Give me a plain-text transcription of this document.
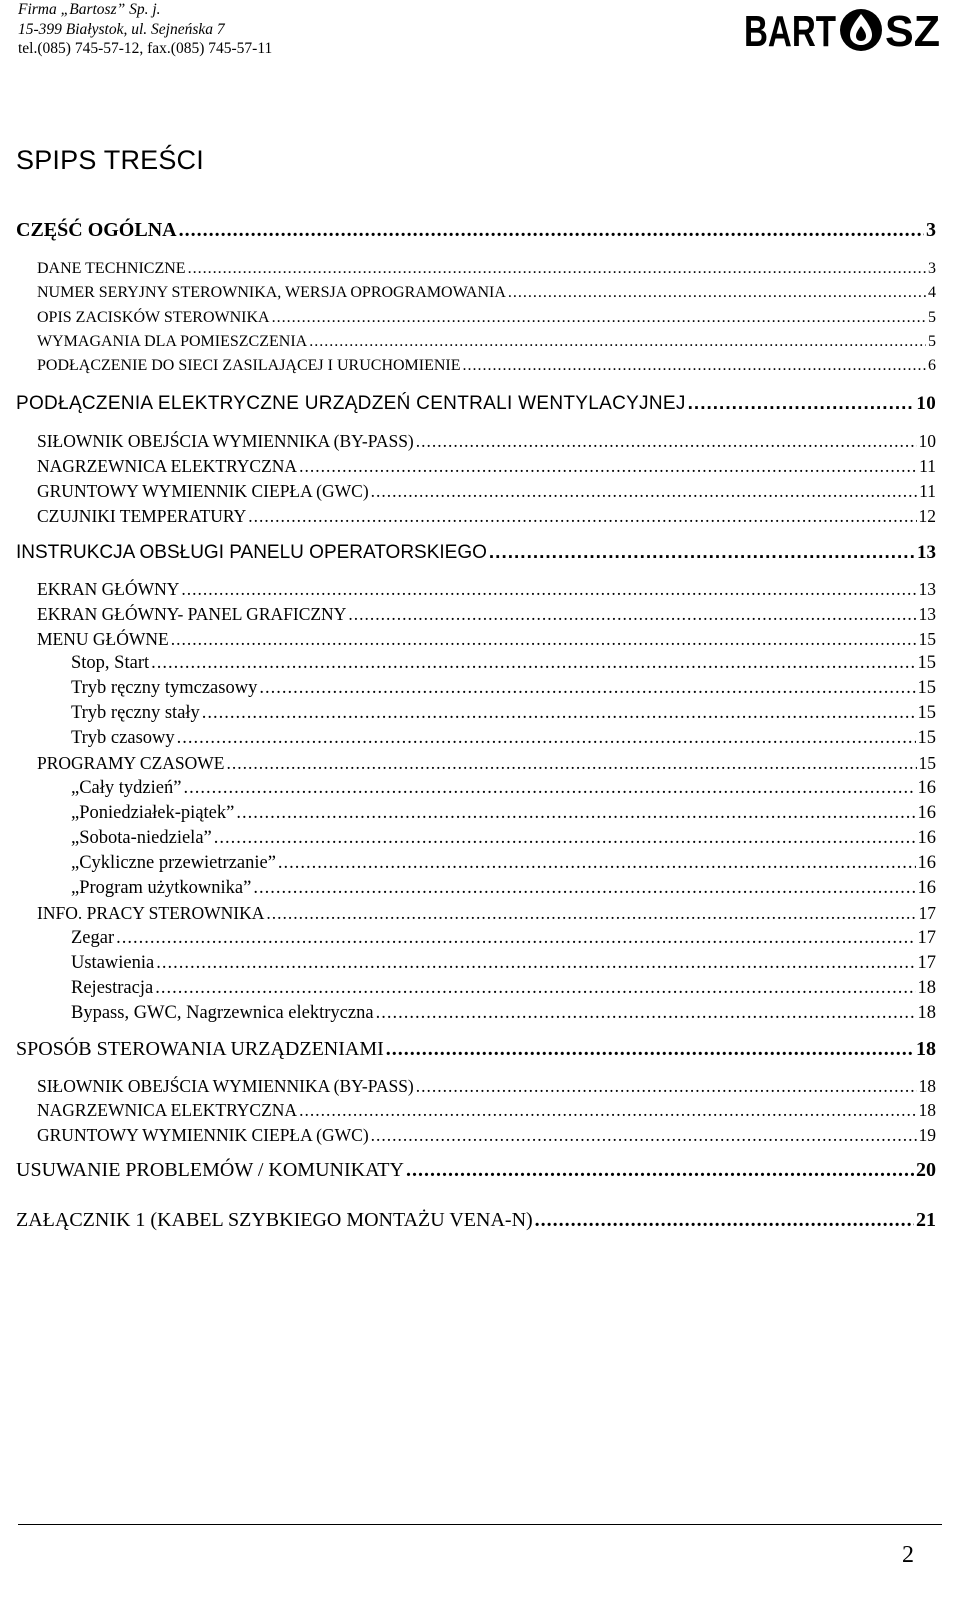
Firma „Bartosz” Sp. j.
15-399 Białystok, ul. Sejneńska 7
tel.(085) 745-57-12, fax.(085) 745-57-11	BART SZ
SPIPS TREŚCI
CZĘŚĆ OGÓLNA .....	3
DANE TECHNICZNE .....	3
NUMER SERYJNY STEROWNIKA, WERSJA OPROGRAMOWANIA .....	4
OPIS ZACISKÓW STEROWNIKA .....	5
WYMAGANIA DLA POMIESZCZENIA .....	5
PODŁĄCZENIE DO SIECI ZASILAJĄCEJ I URUCHOMIENIE .....	6
PODŁĄCZENIA ELEKTRYCZNE URZĄDZEŃ CENTRALI WENTYLACYJNEJ .....	10
SIŁOWNIK OBEJŚCIA WYMIENNIKA (BY-PASS) .....	10
NAGRZEWNICA ELEKTRYCZNA .....	11
GRUNTOWY WYMIENNIK CIEPŁA (GWC) .....	11
CZUJNIKI TEMPERATURY .....	12
INSTRUKCJA OBSŁUGI PANELU OPERATORSKIEGO .....	13
EKRAN GŁÓWNY .....	13
EKRAN GŁÓWNY- PANEL GRAFICZNY .....	13
MENU GŁÓWNE .....	15
Stop, Start .....	15
Tryb ręczny tymczasowy .....	15
Tryb ręczny stały .....	15
Tryb czasowy .....	15
PROGRAMY CZASOWE .....	15
„Cały tydzień” .....	16
„Poniedziałek-piątek” .....	16
„Sobota-niedziela” .....	16
„Cykliczne przewietrzanie” .....	16
„Program użytkownika” .....	16
INFO. PRACY STEROWNIKA .....	17
Zegar .....	17
Ustawienia .....	17
Rejestracja .....	18
Bypass, GWC, Nagrzewnica elektryczna .....	18
SPOSÓB STEROWANIA URZĄDZENIAMI .....	18
SIŁOWNIK OBEJŚCIA WYMIENNIKA (BY-PASS) .....	18
NAGRZEWNICA ELEKTRYCZNA .....	18
GRUNTOWY WYMIENNIK CIEPŁA (GWC) .....	19
USUWANIE PROBLEMÓW / KOMUNIKATY .....	20
ZAŁĄCZNIK 1 (KABEL SZYBKIEGO MONTAŻU VENA-N) .....	21
2
